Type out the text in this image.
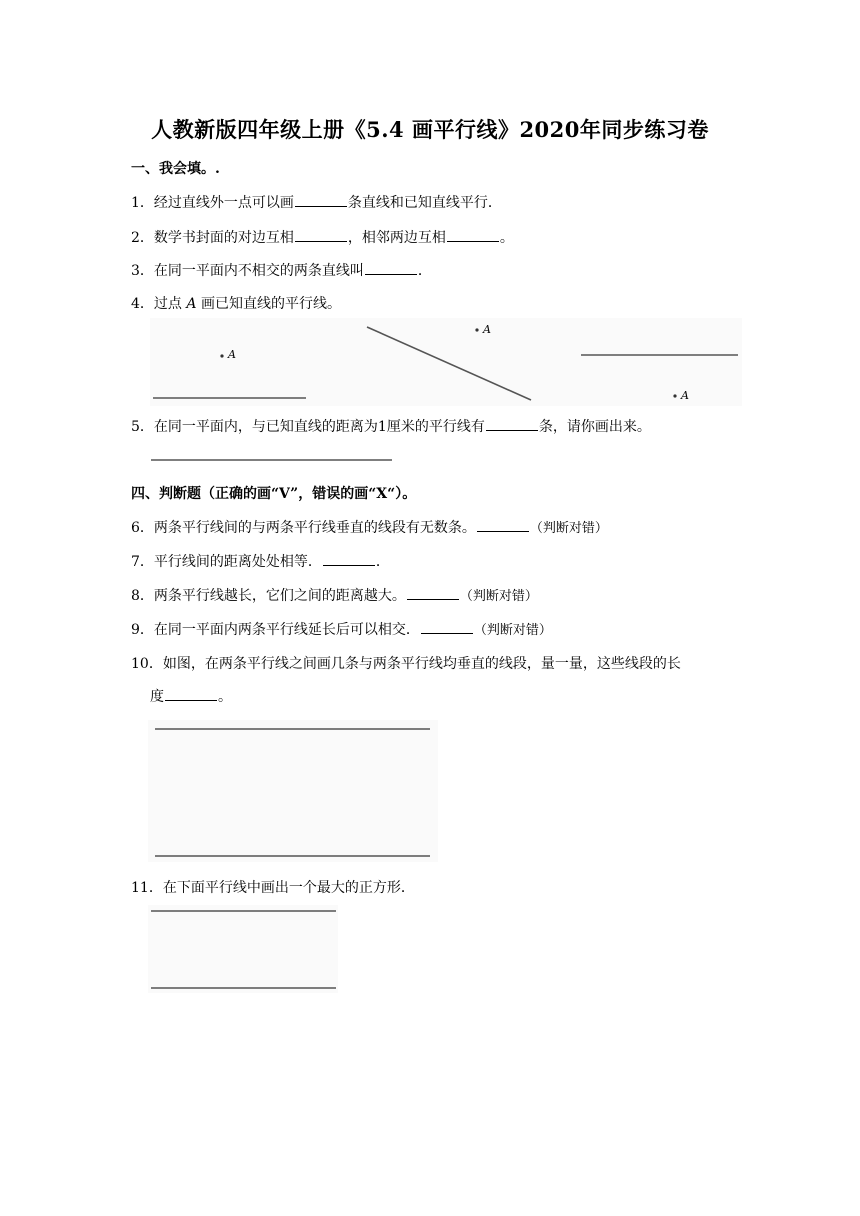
人教新版四年级上册《5.4 画平行线》2020年同步练习卷
一、我会填。.
1．经过直线外一点可以画	条直线和已知直线平行．
2．数学书封面的对边互相	，相邻两边互相	。
3．在同一平面内不相交的两条直线叫	．
4．过点 A 画已知直线的平行线。
A
A
A
5．在同一平面内，与已知直线的距离为1厘米的平行线有	条，请你画出来。
四、判断题（正确的画“V”，错误的画“X“）。
6．两条平行线间的与两条平行线垂直的线段有无数条。	（判断对错）
7．平行线间的距离处处相等．	．
8．两条平行线越长，它们之间的距离越大。	（判断对错）
9．在同一平面内两条平行线延长后可以相交．	（判断对错）
10．如图，在两条平行线之间画几条与两条平行线均垂直的线段，量一量，这些线段的长
度	。
11．在下面平行线中画出一个最大的正方形．
